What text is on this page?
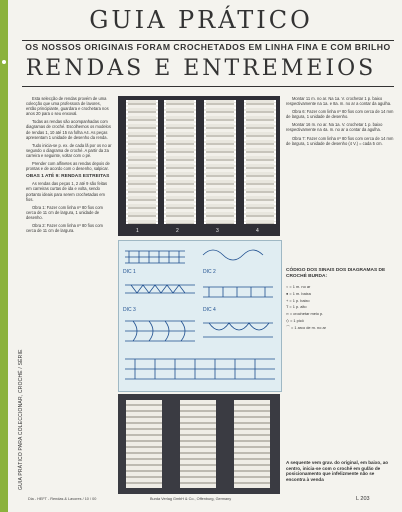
GUIA PRÁTICO PARA COLECCIONAR, CROCHÉ / SÉRIE
GUIA PRÁTICO
OS NOSSOS ORIGINAIS FORAM CROCHETADOS EM LINHA FINA E COM BRILHO
RENDAS E ENTREMEIOS

Esta selecção de rendas provém de uma colecção que uma professora de lavores, então principiante, guardara e crochetara nos anos 20 para o seu enxoval.

Todas as rendas são acompanhadas com diagramas de croché. Escolhemos os modelos de rendas 1, 10 até 15 na folha A4. As peças apresentam 1 unidade de desenho da renda.

Tudo inicia-se p. ex. de cada lã por os no ar segundo o diagrama de croché. A partir da 2a carreira e seguinte, voltar com o pé.

Prender com alfinetes as rendas depois de prontas e de acordo com o desenho, salpicar.

OBAS 1 ATÉ 9: RENDAS ESTREITAS

As rendas das peças 1, 2 até 9 são feitas em carreiras curtas de ida e volta, sendo portanto ideais para serem crochetadas em fios.

Obra 1: Fazer com linha nº 80 fios com cerca de 11 cm de largura, 1 unidade de desenho.

Obra 2: Fazer com linha nº 80 fios com cerca de 11 cm de largura.	1	2	3	4
DIC 1	DIC 2
DIC 3	DIC 4

Montar 11 m. no ar. Na 1a. V. crochetar 1 p. baixo respectivamente na 1a. e 8a. m. no ar a contar da agulha.

Obra 6: Fazer com linha nº 80 fios com cerca de 14 mm de largura, 1 unidade de desenho.

Montar 16 m. no ar. Na 1a. V. crochetar 1 p. baixo respectivamente na 4a. m. no ar a contar da agulha.

Obra 7: Fazer com linha nº 80 fios com cerca de 14 mm de largura, 1 unidade de desenho (4 V.) = cada 5 cm.

CÓDIGO DOS SINAIS DOS DIAGRAMAS DE CROCHÉ BURDA:
○ = 1 m. no ar
● = 1 m. baixa
+ = 1 p. baixo
T = 1 p. alto
∞ = crochetar meio p.
◇ = 1 picô
⌒ = 1 arco de m. no ar
A sequente vem grav. do original, em baixo, ao centro, inicia-se com o crochê em gulão de posicionamento que infelizmente não se encontra à venda
Dia - HEFT - Rendas & Lavores / 10 / 00	Burda Verlag GmbH & Co., Offenburg, Germany	L 203
